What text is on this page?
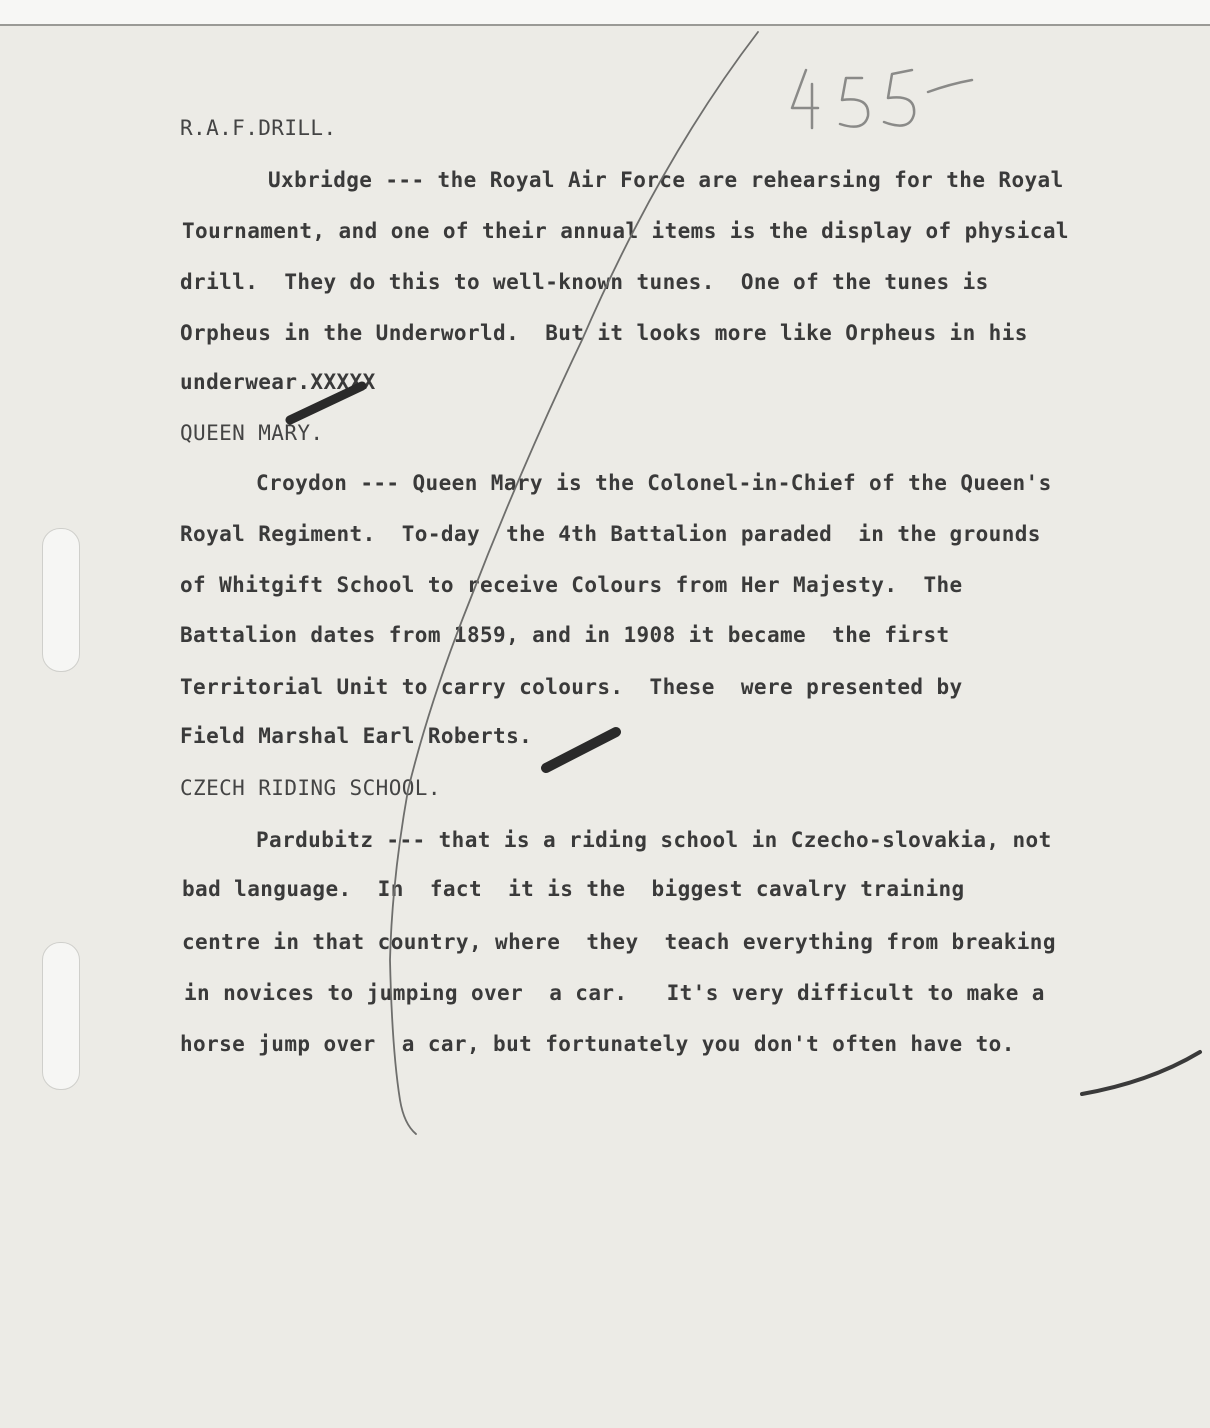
R.A.F.DRILL.

Uxbridge --- the Royal Air Force are rehearsing for the Royal

Tournament, and one of their annual items is the display of physical

drill.  They do this to well-known tunes.  One of the tunes is

Orpheus in the Underworld.  But it looks more like Orpheus in his

underwear.XXXXX

QUEEN MARY.

Croydon --- Queen Mary is the Colonel-in-Chief of the Queen's

Royal Regiment.  To-day  the 4th Battalion paraded  in the grounds

of Whitgift School to receive Colours from Her Majesty.  The

Battalion dates from 1859, and in 1908 it became  the first

Territorial Unit to carry colours.  These  were presented by

Field Marshal Earl Roberts.

CZECH RIDING SCHOOL.

Pardubitz --- that is a riding school in Czecho-slovakia, not

bad language.  In  fact  it is the  biggest cavalry training

centre in that country, where  they  teach everything from breaking

in novices to jumping over  a car.   It's very difficult to make a

horse jump over  a car, but fortunately you don't often have to.
